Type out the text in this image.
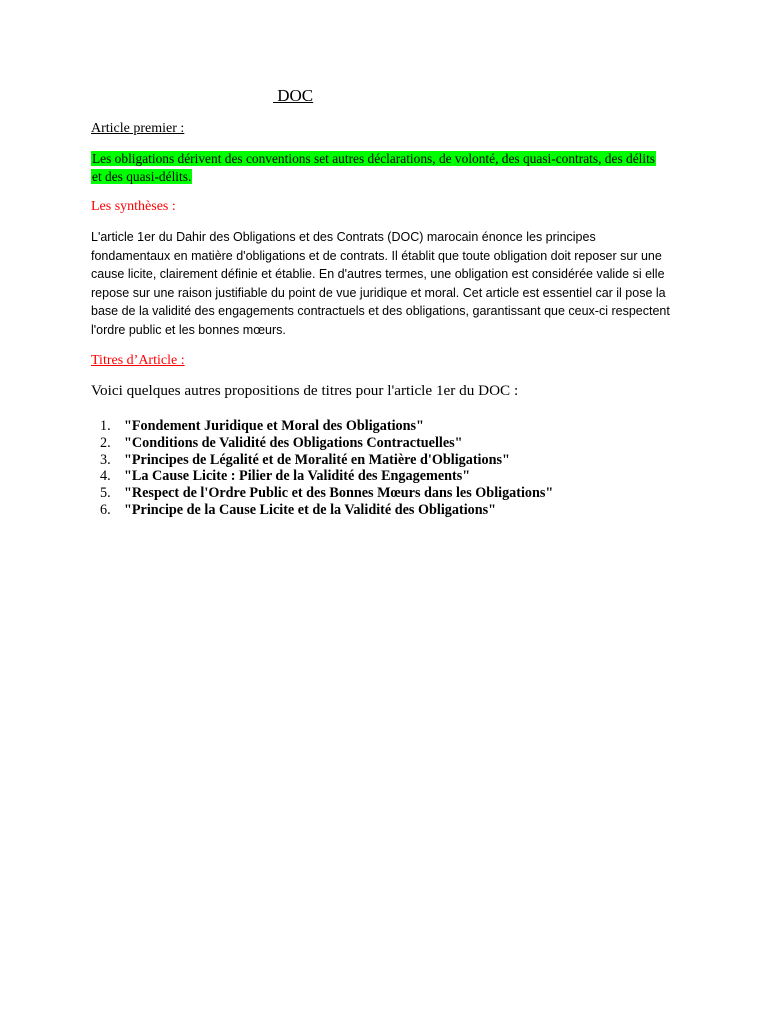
DOC
Article premier :

Les obligations dérivent des conventions set autres déclarations, de volonté, des quasi-contrats, des délits et des quasi-délits.

Les synthèses :

L'article 1er du Dahir des Obligations et des Contrats (DOC) marocain énonce les principes fondamentaux en matière d'obligations et de contrats. Il établit que toute obligation doit reposer sur une cause licite, clairement définie et établie. En d'autres termes, une obligation est considérée valide si elle repose sur une raison justifiable du point de vue juridique et moral. Cet article est essentiel car il pose la base de la validité des engagements contractuels et des obligations, garantissant que ceux-ci respectent l'ordre public et les bonnes mœurs.

Titres d’Article :

Voici quelques autres propositions de titres pour l'article 1er du DOC :

1. "Fondement Juridique et Moral des Obligations"
2. "Conditions de Validité des Obligations Contractuelles"
3. "Principes de Légalité et de Moralité en Matière d'Obligations"
4. "La Cause Licite : Pilier de la Validité des Engagements"
5. "Respect de l'Ordre Public et des Bonnes Mœurs dans les Obligations"
6. "Principe de la Cause Licite et de la Validité des Obligations"
